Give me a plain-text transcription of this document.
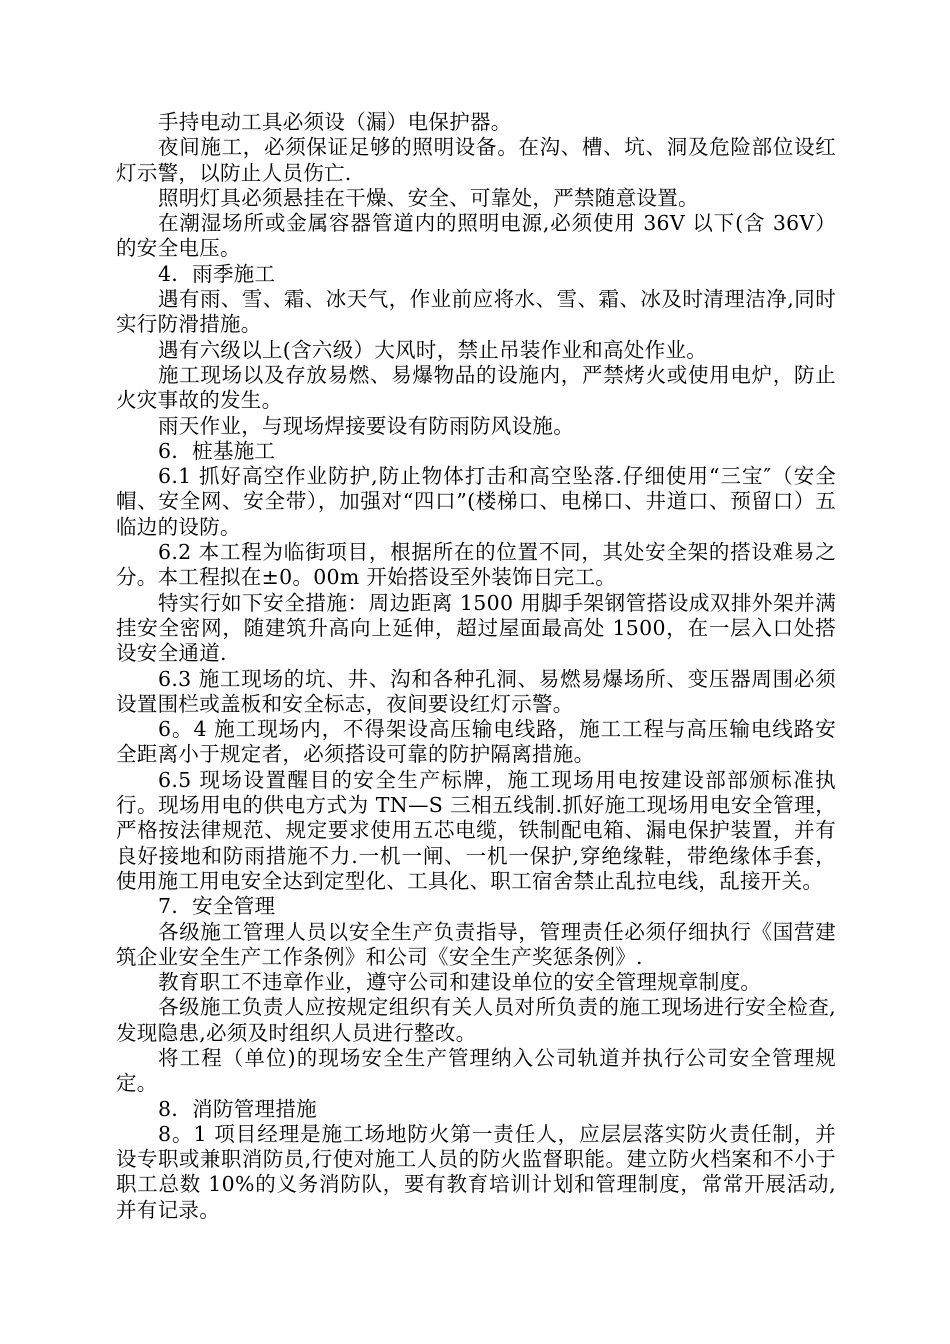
手持电动工具必须设（漏）电保护器。

夜间施工，必须保证足够的照明设备。在沟、槽、坑、洞及危险部位设红灯示警，以防止人员伤亡.

照明灯具必须悬挂在干燥、安全、可靠处，严禁随意设置。

在潮湿场所或金属容器管道内的照明电源,必须使用 36V 以下(含 36V）的安全电压。

4．雨季施工

遇有雨、雪、霜、冰天气，作业前应将水、雪、霜、冰及时清理洁净,同时实行防滑措施。

遇有六级以上(含六级）大风时，禁止吊装作业和高处作业。

施工现场以及存放易燃、易爆物品的设施内，严禁烤火或使用电炉，防止火灾事故的发生。

雨天作业，与现场焊接要设有防雨防风设施。

6．桩基施工

6.1 抓好高空作业防护,防止物体打击和高空坠落.仔细使用“三宝″（安全帽、安全网、安全带），加强对“四口”(楼梯口、电梯口、井道口、预留口）五临边的设防。

6.2 本工程为临街项目，根据所在的位置不同，其处安全架的搭设难易之分。本工程拟在±0。00m 开始搭设至外装饰日完工。

特实行如下安全措施：周边距离 1500 用脚手架钢管搭设成双排外架并满挂安全密网，随建筑升高向上延伸，超过屋面最高处 1500，在一层入口处搭设安全通道.

6.3 施工现场的坑、井、沟和各种孔洞、易燃易爆场所、变压器周围必须设置围栏或盖板和安全标志，夜间要设红灯示警。

6。4 施工现场内，不得架设高压输电线路，施工工程与高压输电线路安全距离小于规定者，必须搭设可靠的防护隔离措施。

6.5 现场设置醒目的安全生产标牌，施工现场用电按建设部部颁标准执行。现场用电的供电方式为 TN—S 三相五线制.抓好施工现场用电安全管理，严格按法律规范、规定要求使用五芯电缆，铁制配电箱、漏电保护装置，并有良好接地和防雨措施不力.一机一闸、一机一保护,穿绝缘鞋，带绝缘体手套，使用施工用电安全达到定型化、工具化、职工宿舍禁止乱拉电线，乱接开关。

7．安全管理

各级施工管理人员以安全生产负责指导，管理责任必须仔细执行《国营建筑企业安全生产工作条例》和公司《安全生产奖惩条例》.

教育职工不违章作业，遵守公司和建设单位的安全管理规章制度。

各级施工负责人应按规定组织有关人员对所负责的施工现场进行安全检查,发现隐患,必须及时组织人员进行整改。

将工程（单位)的现场安全生产管理纳入公司轨道并执行公司安全管理规定。

8．消防管理措施

8。1 项目经理是施工场地防火第一责任人，应层层落实防火责任制，并设专职或兼职消防员,行使对施工人员的防火监督职能。建立防火档案和不小于职工总数 10%的义务消防队，要有教育培训计划和管理制度，常常开展活动,并有记录。
